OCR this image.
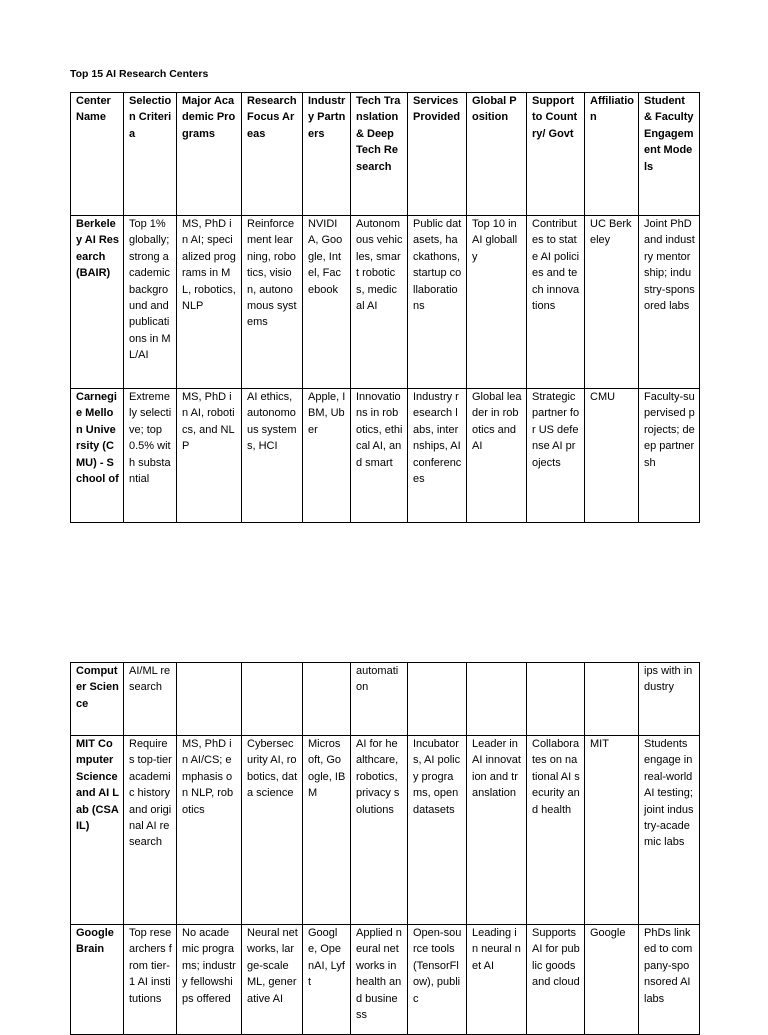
Top 15 AI Research Centers
Center Name	Selection Criteria	Major Academic Programs	Research Focus Areas	Industry Partners	Tech Translation & Deep Tech Research	Services Provided	Global Position	Support to Country/ Govt	Affiliation	Student & Faculty Engagement Models
Berkeley AI Research (BAIR)	Top 1% globally; strong academic background and publications in ML/AI	MS, PhD in AI; specialized programs in ML, robotics, NLP	Reinforcement learning, robotics, vision, autonomous systems	NVIDIA, Google, Intel, Facebook	Autonomous vehicles, smart robotics, medical AI	Public datasets, hackathons, startup collaborations	Top 10 in AI globally	Contributes to state AI policies and tech innovations	UC Berkeley	Joint PhD and industry mentorship; industry-sponsored labs
Carnegie Mellon University (CMU) - School of	Extremely selective; top 0.5% with substantial	MS, PhD in AI, robotics, and NLP	AI ethics, autonomous systems, HCI	Apple, IBM, Uber	Innovations in robotics, ethical AI, and smart	Industry research labs, internships, AI conferences	Global leader in robotics and AI	Strategic partner for US defense AI projects	CMU	Faculty-supervised projects; deep partnersh
Computer Science	AI/ML research				automation					ips with industry
MIT Computer Science and AI Lab (CSAIL)	Requires top-tier academic history and original AI research	MS, PhD in AI/CS; emphasis on NLP, robotics	Cybersecurity AI, robotics, data science	Microsoft, Google, IBM	AI for healthcare, robotics, privacy solutions	Incubators, AI policy programs, open datasets	Leader in AI innovation and translation	Collaborates on national AI security and health	MIT	Students engage in real-world AI testing; joint industry-academic labs
Google Brain	Top researchers from tier-1 AI institutions	No academic programs; industry fellowships offered	Neural networks, large-scale ML, generative AI	Google, OpenAI, Lyft	Applied neural networks in health and business	Open-source tools (TensorFlow), public	Leading in neural net AI	Supports AI for public goods and cloud	Google	PhDs linked to company-sponsored AI labs
